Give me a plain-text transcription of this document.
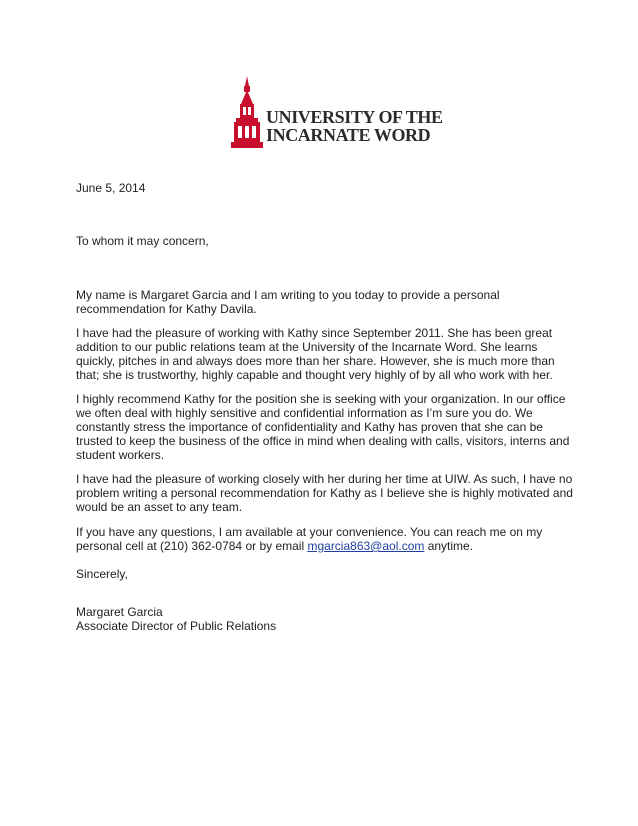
UNIVERSITY OF THE
INCARNATE WORD
June 5, 2014
To whom it may concern,
My name is Margaret Garcia and I am writing to you today to provide a personal recommendation for Kathy Davila.
I have had the pleasure of working with Kathy since September 2011. She has been great addition to our public relations team at the University of the Incarnate Word. She learns quickly, pitches in and always does more than her share. However, she is much more than that; she is trustworthy, highly capable and thought very highly of by all who work with her.
I highly recommend Kathy for the position she is seeking with your organization. In our office we often deal with highly sensitive and confidential information as I’m sure you do. We constantly stress the importance of confidentiality and Kathy has proven that she can be trusted to keep the business of the office in mind when dealing with calls, visitors, interns and student workers.
I have had the pleasure of working closely with her during her time at UIW. As such, I have no problem writing a personal recommendation for Kathy as I believe she is highly motivated and would be an asset to any team.
If you have any questions, I am available at your convenience. You can reach me on my personal cell at (210) 362-0784 or by email mgarcia863@aol.com anytime.
Sincerely,
Margaret Garcia
Associate Director of Public Relations
